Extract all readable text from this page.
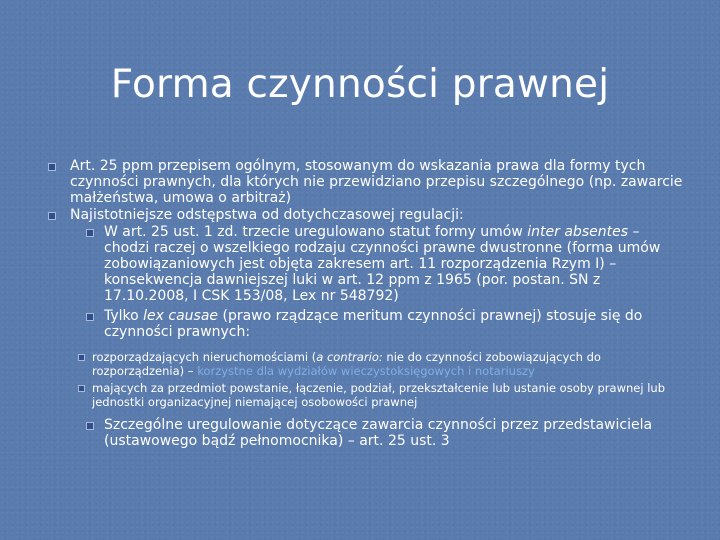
Forma czynności prawnej
Art. 25 ppm przepisem ogólnym, stosowanym do wskazania prawa dla formy tych czynności prawnych, dla których nie przewidziano przepisu szczególnego (np. zawarcie małżeństwa, umowa o arbitraż)
Najistotniejsze odstępstwa od dotychczasowej regulacji:
W art. 25 ust. 1 zd. trzecie uregulowano statut formy umów inter absentes – chodzi raczej o wszelkiego rodzaju czynności prawne dwustronne (forma umów zobowiązaniowych jest objęta zakresem art. 11 rozporządzenia Rzym I) – konsekwencja dawniejszej luki w art. 12 ppm z 1965 (por. postan. SN z 17.10.2008, I CSK 153/08, Lex nr 548792)
Tylko lex causae (prawo rządzące meritum czynności prawnej) stosuje się do czynności prawnych:
rozporządzających nieruchomościami (a contrario: nie do czynności zobowiązujących do rozporządzenia) – korzystne dla wydziałów wieczystoksięgowych i notariuszy
mających za przedmiot powstanie, łączenie, podział, przekształcenie lub ustanie osoby prawnej lub jednostki organizacyjnej niemającej osobowości prawnej
Szczególne uregulowanie dotyczące zawarcia czynności przez przedstawiciela (ustawowego bądź pełnomocnika) – art. 25 ust. 3
